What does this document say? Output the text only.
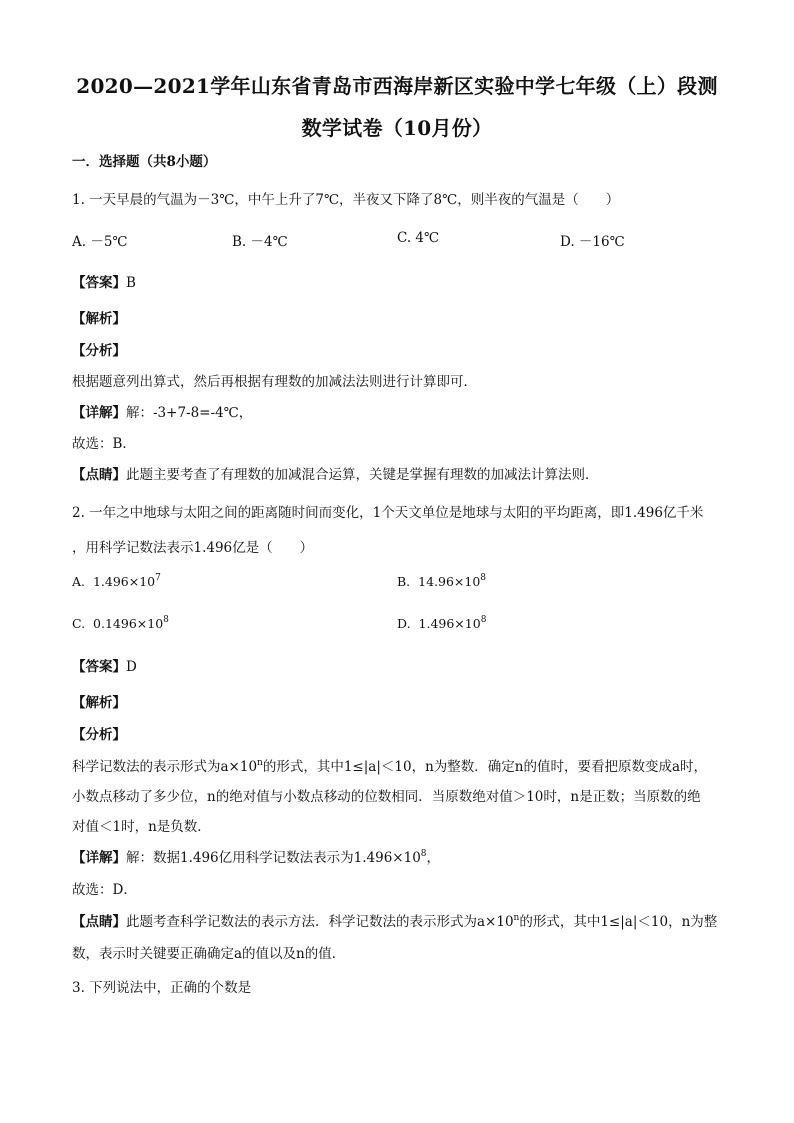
2020—2021学年山东省青岛市西海岸新区实验中学七年级（上）段测
数学试卷（10月份）
一．选择题（共8小题）
1. 一天早晨的气温为－3℃，中午上升了7℃，半夜又下降了8℃，则半夜的气温是（　　）
A. －5℃	B. －4℃	C. 4℃	D. －16℃
【答案】B
【解析】
【分析】
根据题意列出算式，然后再根据有理数的加减法法则进行计算即可．
【详解】解：-3+7-8=-4℃，
故选：B．
【点睛】此题主要考查了有理数的加减混合运算，关键是掌握有理数的加减法计算法则．
2. 一年之中地球与太阳之间的距离随时间而变化，1个天文单位是地球与太阳的平均距离，即1.496亿千米
，用科学记数法表示1.496亿是（　　）
A. $1.496\times 10^7$	B. $14.96\times 10^8$
C. $0.1496\times 10^8$	D. $1.496\times 10^8$
【答案】D
【解析】
【分析】
科学记数法的表示形式为$a\times 10^n$的形式，其中1≤|a|＜10，n为整数．确定n的值时，要看把原数变成a时，
小数点移动了多少位，n的绝对值与小数点移动的位数相同．当原数绝对值＞10时，n是正数；当原数的绝
对值＜1时，n是负数．
【详解】解：数据1.496亿用科学记数法表示为$1.496\times 10^8$，
故选：D．
【点睛】此题考查科学记数法的表示方法．科学记数法的表示形式为$a\times 10^n$的形式，其中1≤|a|＜10，n为整
数，表示时关键要正确确定a的值以及n的值．
3. 下列说法中，正确的个数是
